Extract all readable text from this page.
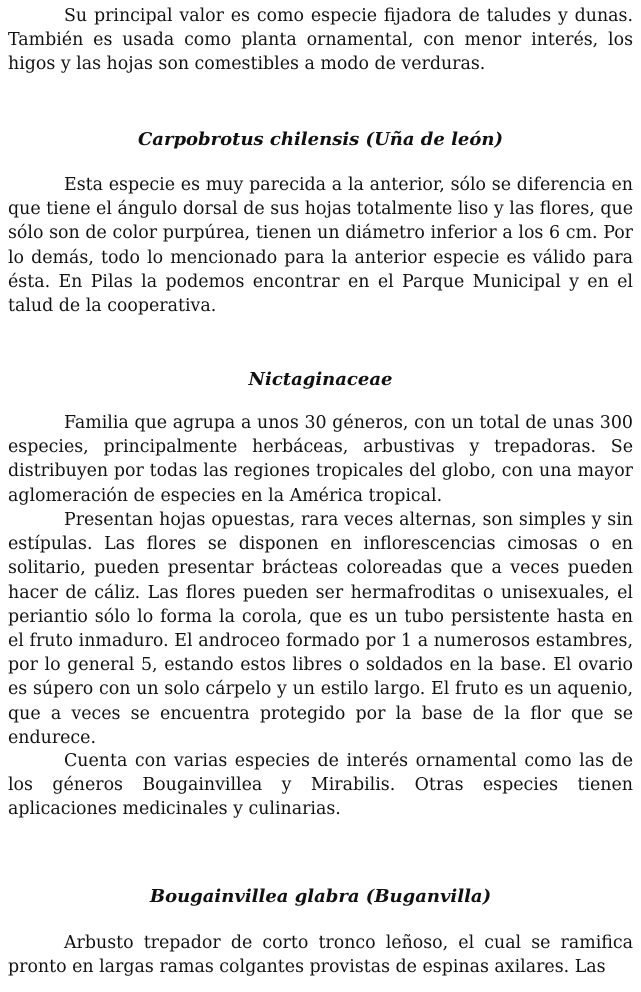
Su principal valor es como especie fijadora de taludes y dunas. También es usada como planta ornamental, con menor interés, los higos y las hojas son comestibles a modo de verduras.

Carpobrotus chilensis (Uña de león)

Esta especie es muy parecida a la anterior, sólo se diferencia en que tiene el ángulo dorsal de sus hojas totalmente liso y las flores, que sólo son de color purpúrea, tienen un diámetro inferior a los 6 cm. Por lo demás, todo lo mencionado para la anterior especie es válido para ésta. En Pilas la podemos encontrar en el Parque Municipal y en el talud de la cooperativa.

Nictaginaceae

Familia que agrupa a unos 30 géneros, con un total de unas 300 especies, principalmente herbáceas, arbustivas y trepadoras. Se distribuyen por todas las regiones tropicales del globo, con una mayor aglomeración de especies en la América tropical.

Presentan hojas opuestas, rara veces alternas, son simples y sin estípulas. Las flores se disponen en inflorescencias cimosas o en solitario, pueden presentar brácteas coloreadas que a veces pueden hacer de cáliz. Las flores pueden ser hermafroditas o unisexuales, el periantio sólo lo forma la corola, que es un tubo persistente hasta en el fruto inmaduro. El androceo formado por 1 a numerosos estambres, por lo general 5, estando estos libres o soldados en la base. El ovario es súpero con un solo cárpelo y un estilo largo. El fruto es un aquenio, que a veces se encuentra protegido por la base de la flor que se endurece.

Cuenta con varias especies de interés ornamental como las de los géneros Bougainvillea y Mirabilis. Otras especies tienen aplicaciones medicinales y culinarias.

Bougainvillea glabra (Buganvilla)

Arbusto trepador de corto tronco leñoso, el cual se ramifica pronto en largas ramas colgantes provistas de espinas axilares. Las
